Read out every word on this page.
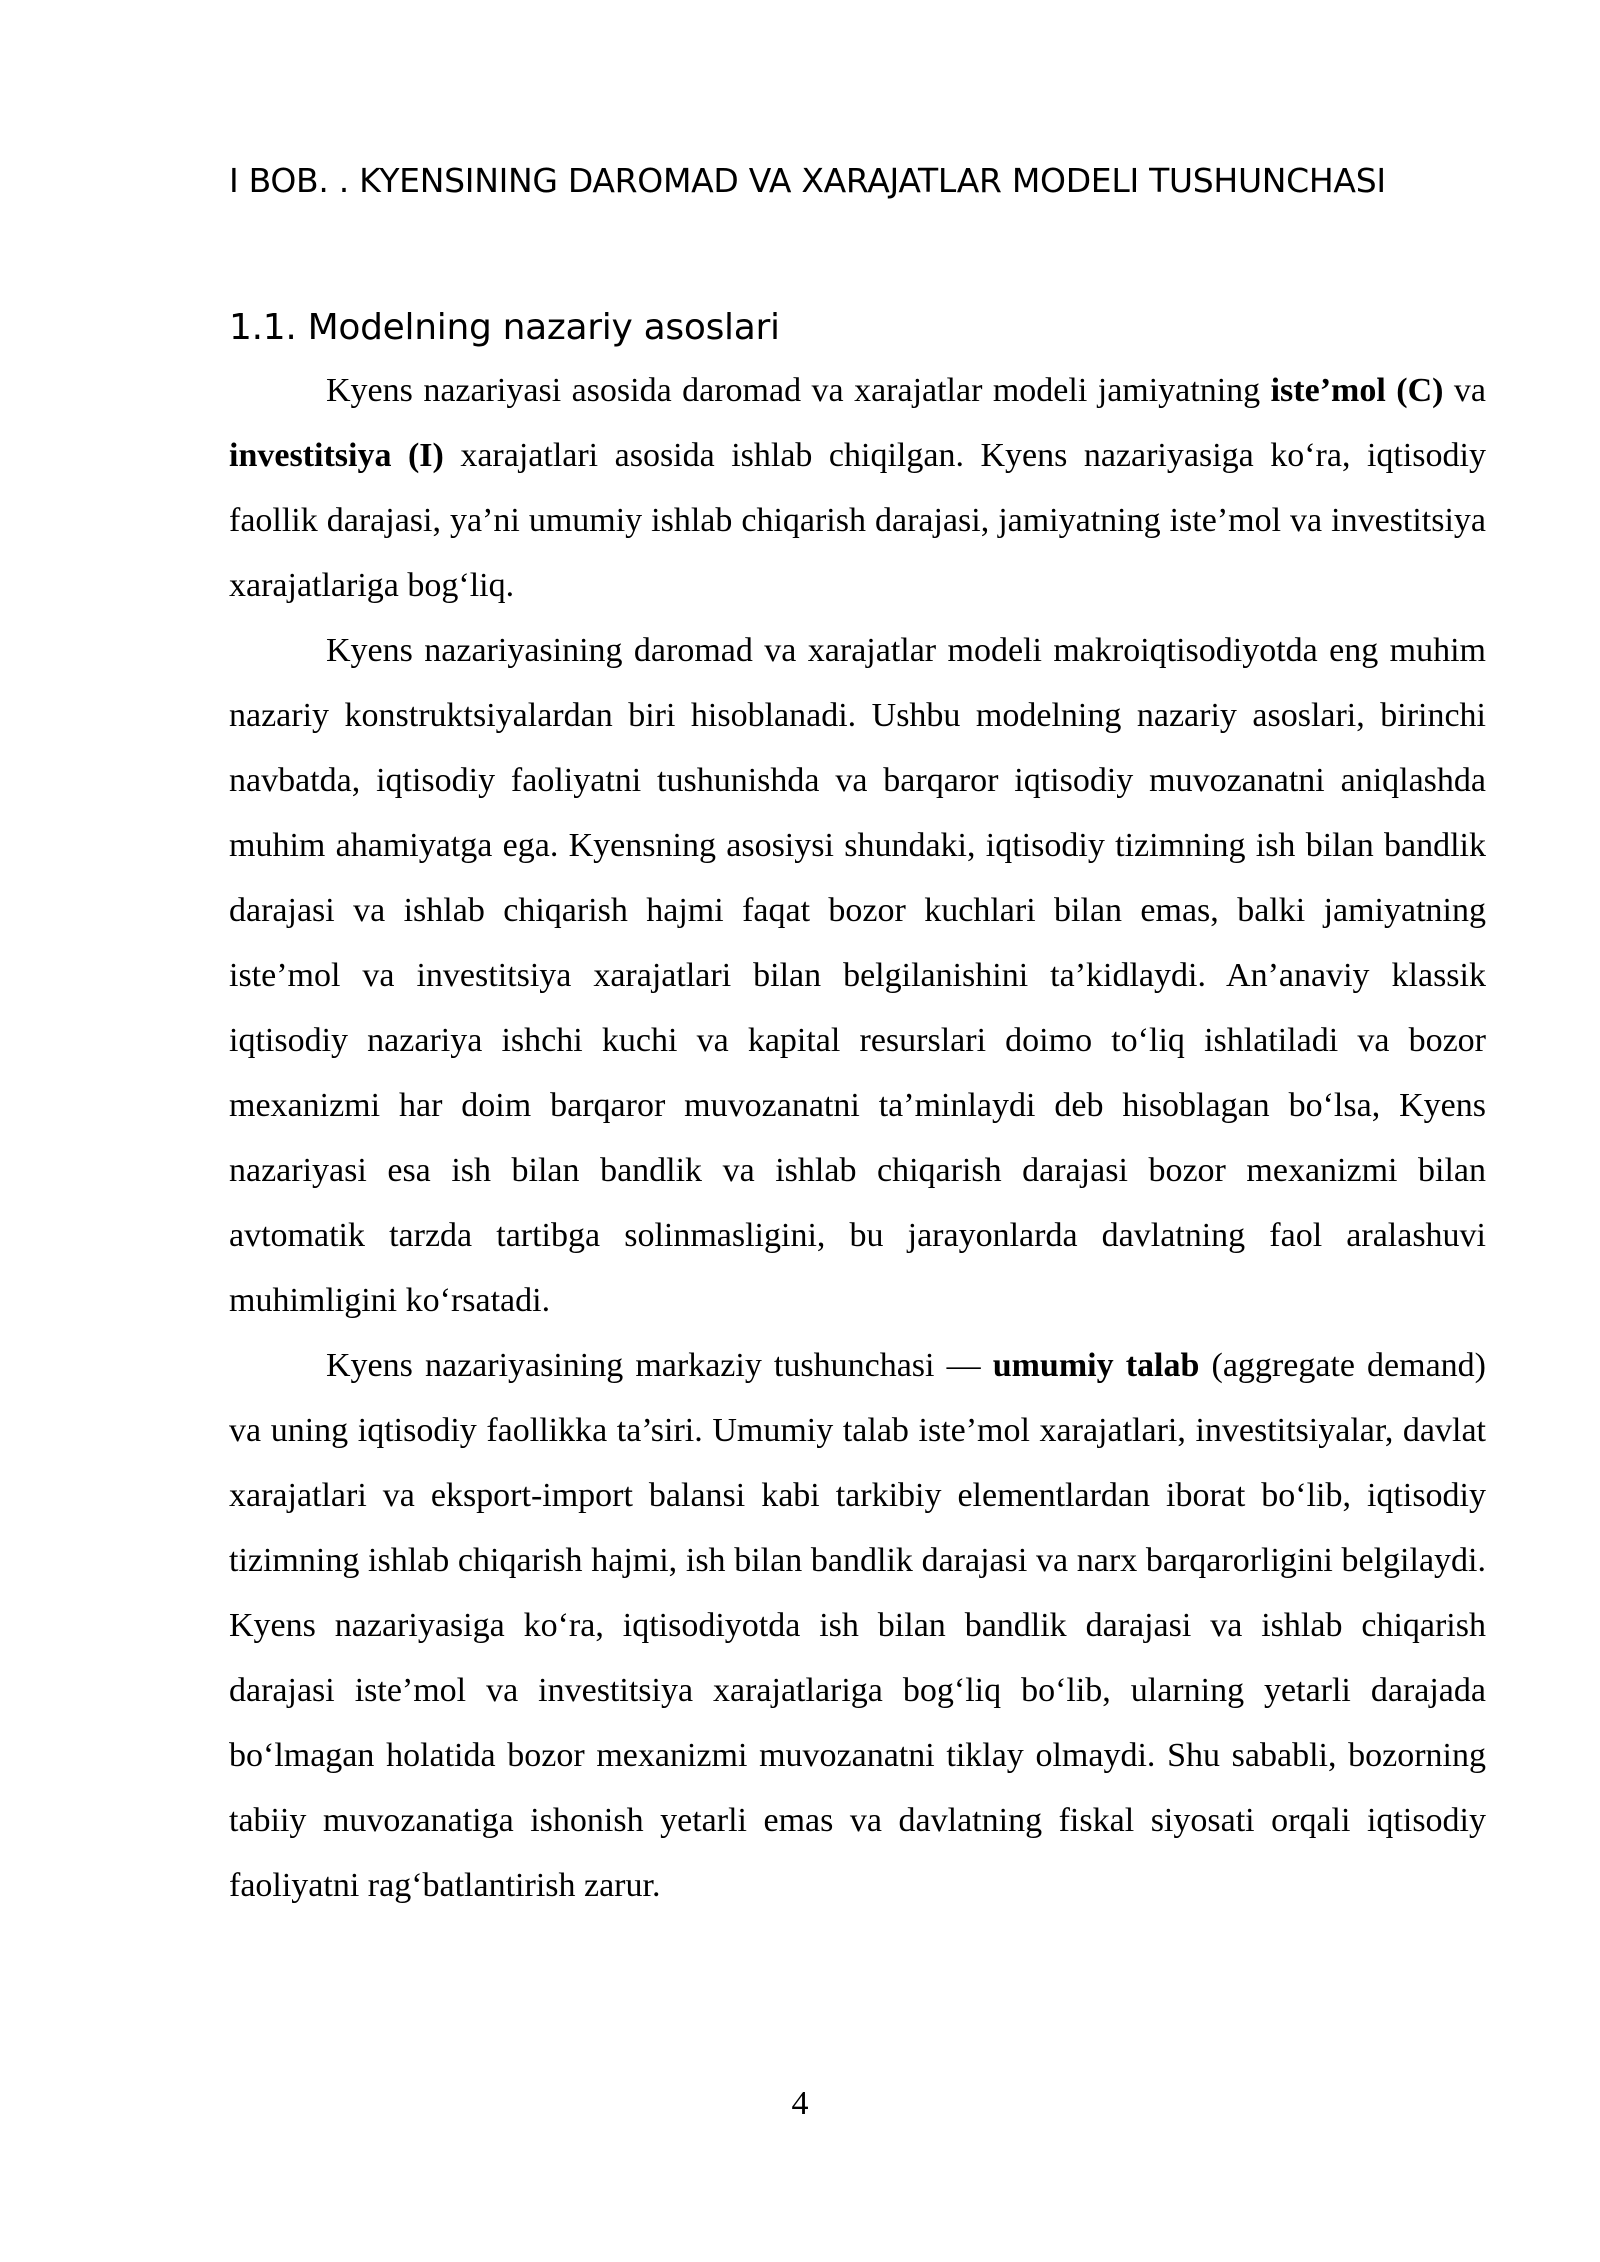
I BOB. . KYENSINING DAROMAD VA XARAJATLAR MODELI TUSHUNCHASI
1.1. Modelning nazariy asoslari

Kyens nazariyasi asosida daromad va xarajatlar modeli jamiyatning iste’mol (C) va investitsiya (I) xarajatlari asosida ishlab chiqilgan. Kyens nazariyasiga ko‘ra, iqtisodiy faollik darajasi, ya’ni umumiy ishlab chiqarish darajasi, jamiyatning iste’mol va investitsiya xarajatlariga bog‘liq.

Kyens nazariyasining daromad va xarajatlar modeli makroiqtisodiyotda eng muhim nazariy konstruktsiyalardan biri hisoblanadi. Ushbu modelning nazariy asoslari, birinchi navbatda, iqtisodiy faoliyatni tushunishda va barqaror iqtisodiy muvozanatni aniqlashda muhim ahamiyatga ega. Kyensning asosiysi shundaki, iqtisodiy tizimning ish bilan bandlik darajasi va ishlab chiqarish hajmi faqat bozor kuchlari bilan emas, balki jamiyatning iste’mol va investitsiya xarajatlari bilan belgilanishini ta’kidlaydi. An’anaviy klassik iqtisodiy nazariya ishchi kuchi va kapital resurslari doimo to‘liq ishlatiladi va bozor mexanizmi har doim barqaror muvozanatni ta’minlaydi deb hisoblagan bo‘lsa, Kyens nazariyasi esa ish bilan bandlik va ishlab chiqarish darajasi bozor mexanizmi bilan avtomatik tarzda tartibga solinmasligini, bu jarayonlarda davlatning faol aralashuvi muhimligini ko‘rsatadi.

Kyens nazariyasining markaziy tushunchasi — umumiy talab (aggregate demand) va uning iqtisodiy faollikka ta’siri. Umumiy talab iste’mol xarajatlari, investitsiyalar, davlat xarajatlari va eksport-import balansi kabi tarkibiy elementlardan iborat bo‘lib, iqtisodiy tizimning ishlab chiqarish hajmi, ish bilan bandlik darajasi va narx barqarorligini belgilaydi. Kyens nazariyasiga ko‘ra, iqtisodiyotda ish bilan bandlik darajasi va ishlab chiqarish darajasi iste’mol va investitsiya xarajatlariga bog‘liq bo‘lib, ularning yetarli darajada bo‘lmagan holatida bozor mexanizmi muvozanatni tiklay olmaydi. Shu sababli, bozorning tabiiy muvozanatiga ishonish yetarli emas va davlatning fiskal siyosati orqali iqtisodiy faoliyatni rag‘batlantirish zarur.

4
